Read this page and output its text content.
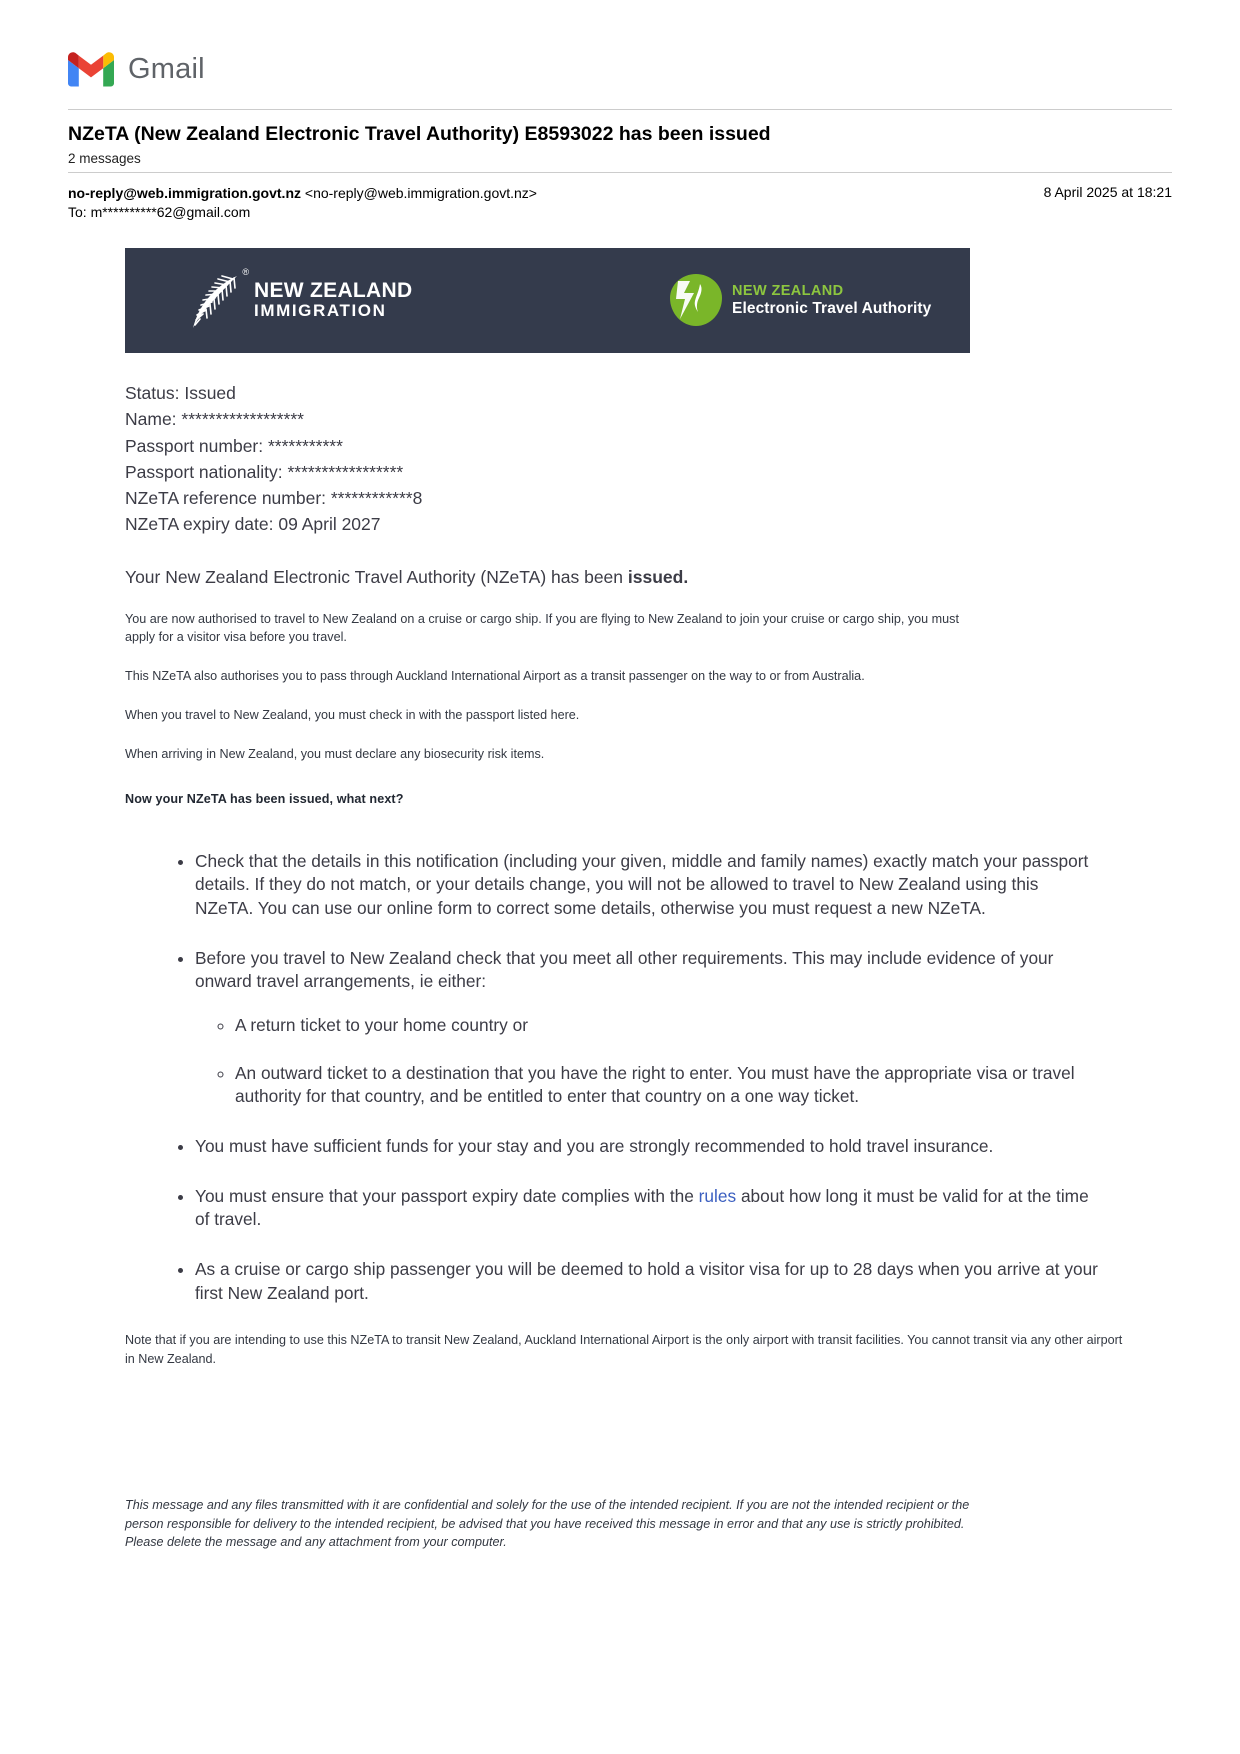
Gmail
NZeTA (New Zealand Electronic Travel Authority) E8593022 has been issued
2 messages
no-reply@web.immigration.govt.nz <no-reply@web.immigration.govt.nz>
To: m**********62@gmail.com
8 April 2025 at 18:21
®
NEW ZEALAND
IMMIGRATION
NEW ZEALAND
Electronic Travel Authority
Status: Issued
Name: ******************
Passport number: ***********
Passport nationality: *****************
NZeTA reference number: ************8
NZeTA expiry date: 09 April 2027
Your New Zealand Electronic Travel Authority (NZeTA) has been issued.
You are now authorised to travel to New Zealand on a cruise or cargo ship. If you are flying to New Zealand to join your cruise or cargo ship, you must apply for a visitor visa before you travel.
This NZeTA also authorises you to pass through Auckland International Airport as a transit passenger on the way to or from Australia.
When you travel to New Zealand, you must check in with the passport listed here.
When arriving in New Zealand, you must declare any biosecurity risk items.
Now your NZeTA has been issued, what next?
• Check that the details in this notification (including your given, middle and family names) exactly match your passport details. If they do not match, or your details change, you will not be allowed to travel to New Zealand using this NZeTA. You can use our online form to correct some details, otherwise you must request a new NZeTA.
• Before you travel to New Zealand check that you meet all other requirements. This may include evidence of your onward travel arrangements, ie either:
◦ A return ticket to your home country or
◦ An outward ticket to a destination that you have the right to enter. You must have the appropriate visa or travel authority for that country, and be entitled to enter that country on a one way ticket.
• You must have sufficient funds for your stay and you are strongly recommended to hold travel insurance.
• You must ensure that your passport expiry date complies with the rules about how long it must be valid for at the time of travel.
• As a cruise or cargo ship passenger you will be deemed to hold a visitor visa for up to 28 days when you arrive at your first New Zealand port.
Note that if you are intending to use this NZeTA to transit New Zealand, Auckland International Airport is the only airport with transit facilities. You cannot transit via any other airport in New Zealand.
This message and any files transmitted with it are confidential and solely for the use of the intended recipient. If you are not the intended recipient or the person responsible for delivery to the intended recipient, be advised that you have received this message in error and that any use is strictly prohibited. Please delete the message and any attachment from your computer.
